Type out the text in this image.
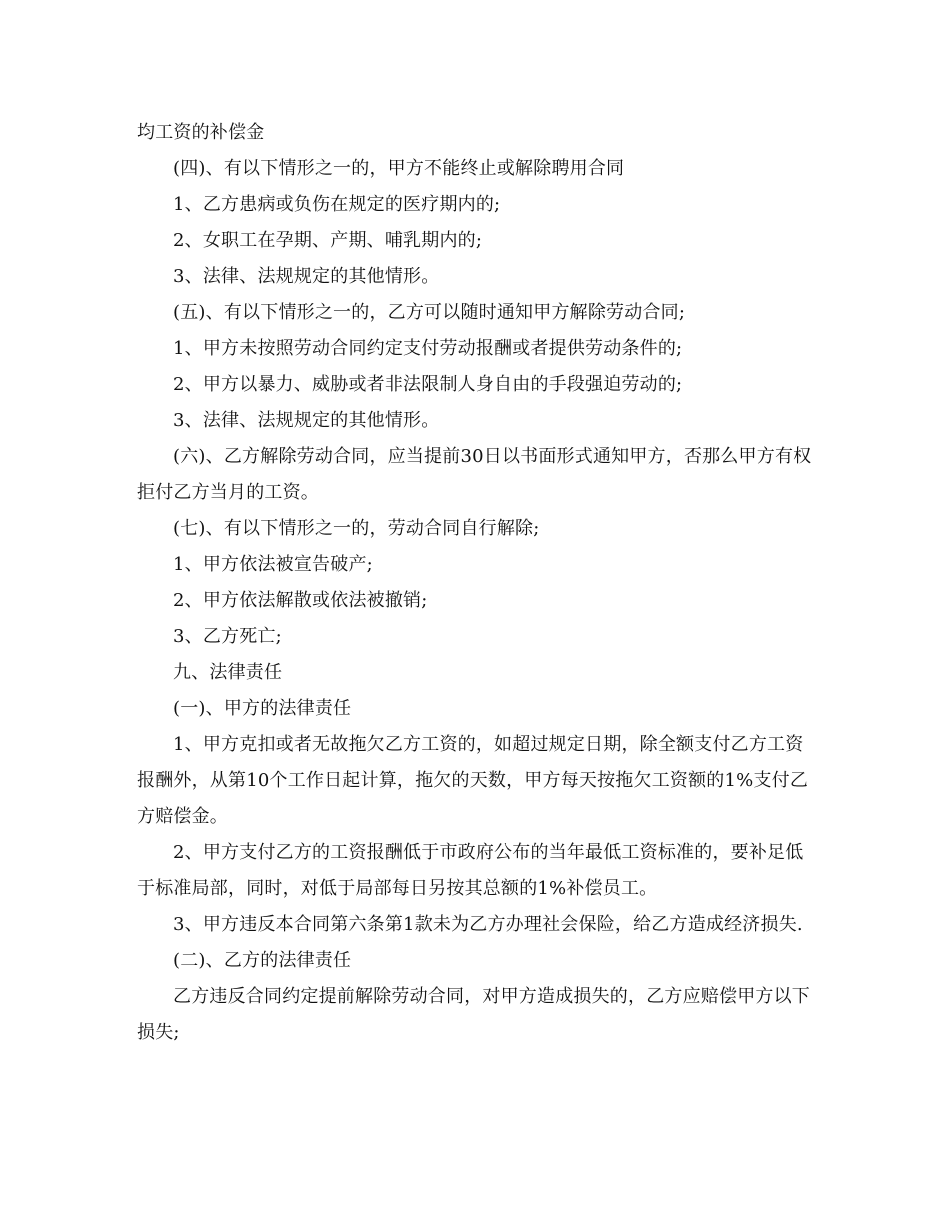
均工资的补偿金

(四)、有以下情形之一的，甲方不能终止或解除聘用合同

1、乙方患病或负伤在规定的医疗期内的;

2、女职工在孕期、产期、哺乳期内的;

3、法律、法规规定的其他情形。

(五)、有以下情形之一的，乙方可以随时通知甲方解除劳动合同;

1、甲方未按照劳动合同约定支付劳动报酬或者提供劳动条件的;

2、甲方以暴力、威胁或者非法限制人身自由的手段强迫劳动的;

3、法律、法规规定的其他情形。

(六)、乙方解除劳动合同，应当提前30日以书面形式通知甲方，否那么甲方有权拒付乙方当月的工资。

(七)、有以下情形之一的，劳动合同自行解除;

1、甲方依法被宣告破产;

2、甲方依法解散或依法被撤销;

3、乙方死亡;

九、法律责任

(一)、甲方的法律责任

1、甲方克扣或者无故拖欠乙方工资的，如超过规定日期，除全额支付乙方工资报酬外，从第10个工作日起计算，拖欠的天数，甲方每天按拖欠工资额的1%支付乙方赔偿金。

2、甲方支付乙方的工资报酬低于市政府公布的当年最低工资标准的，要补足低于标准局部，同时，对低于局部每日另按其总额的1%补偿员工。

3、甲方违反本合同第六条第1款未为乙方办理社会保险，给乙方造成经济损失.

(二)、乙方的法律责任

乙方违反合同约定提前解除劳动合同，对甲方造成损失的，乙方应赔偿甲方以下损失;
